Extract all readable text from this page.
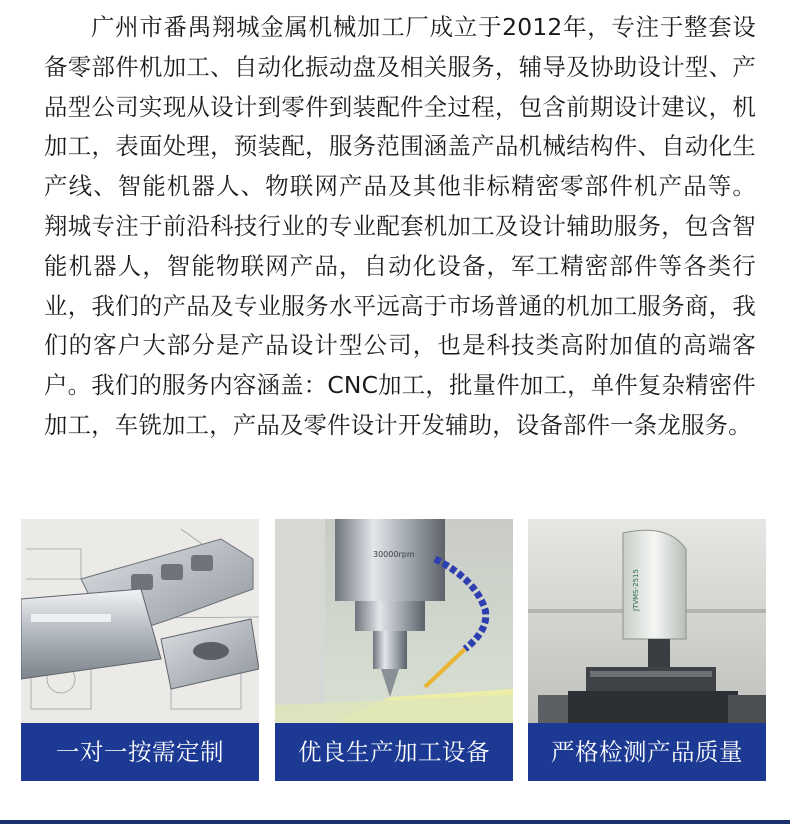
广州市番禺翔城金属机械加工厂成立于2012年，专注于整套设备零部件机加工、自动化振动盘及相关服务，辅导及协助设计型、产品型公司实现从设计到零件到装配件全过程，包含前期设计建议，机加工，表面处理，预装配，服务范围涵盖产品机械结构件、自动化生产线、智能机器人、物联网产品及其他非标精密零部件机产品等。 翔城专注于前沿科技行业的专业配套机加工及设计辅助服务，包含智能机器人，智能物联网产品，自动化设备，军工精密部件等各类行业，我们的产品及专业服务水平远高于市场普通的机加工服务商，我们的客户大部分是产品设计型公司，也是科技类高附加值的高端客户。我们的服务内容涵盖：CNC加工，批量件加工，单件复杂精密件加工，车铣加工，产品及零件设计开发辅助，设备部件一条龙服务。

一对一按需定制
30000rpm
优良生产加工设备
JTVMS-2515
严格检测产品质量
